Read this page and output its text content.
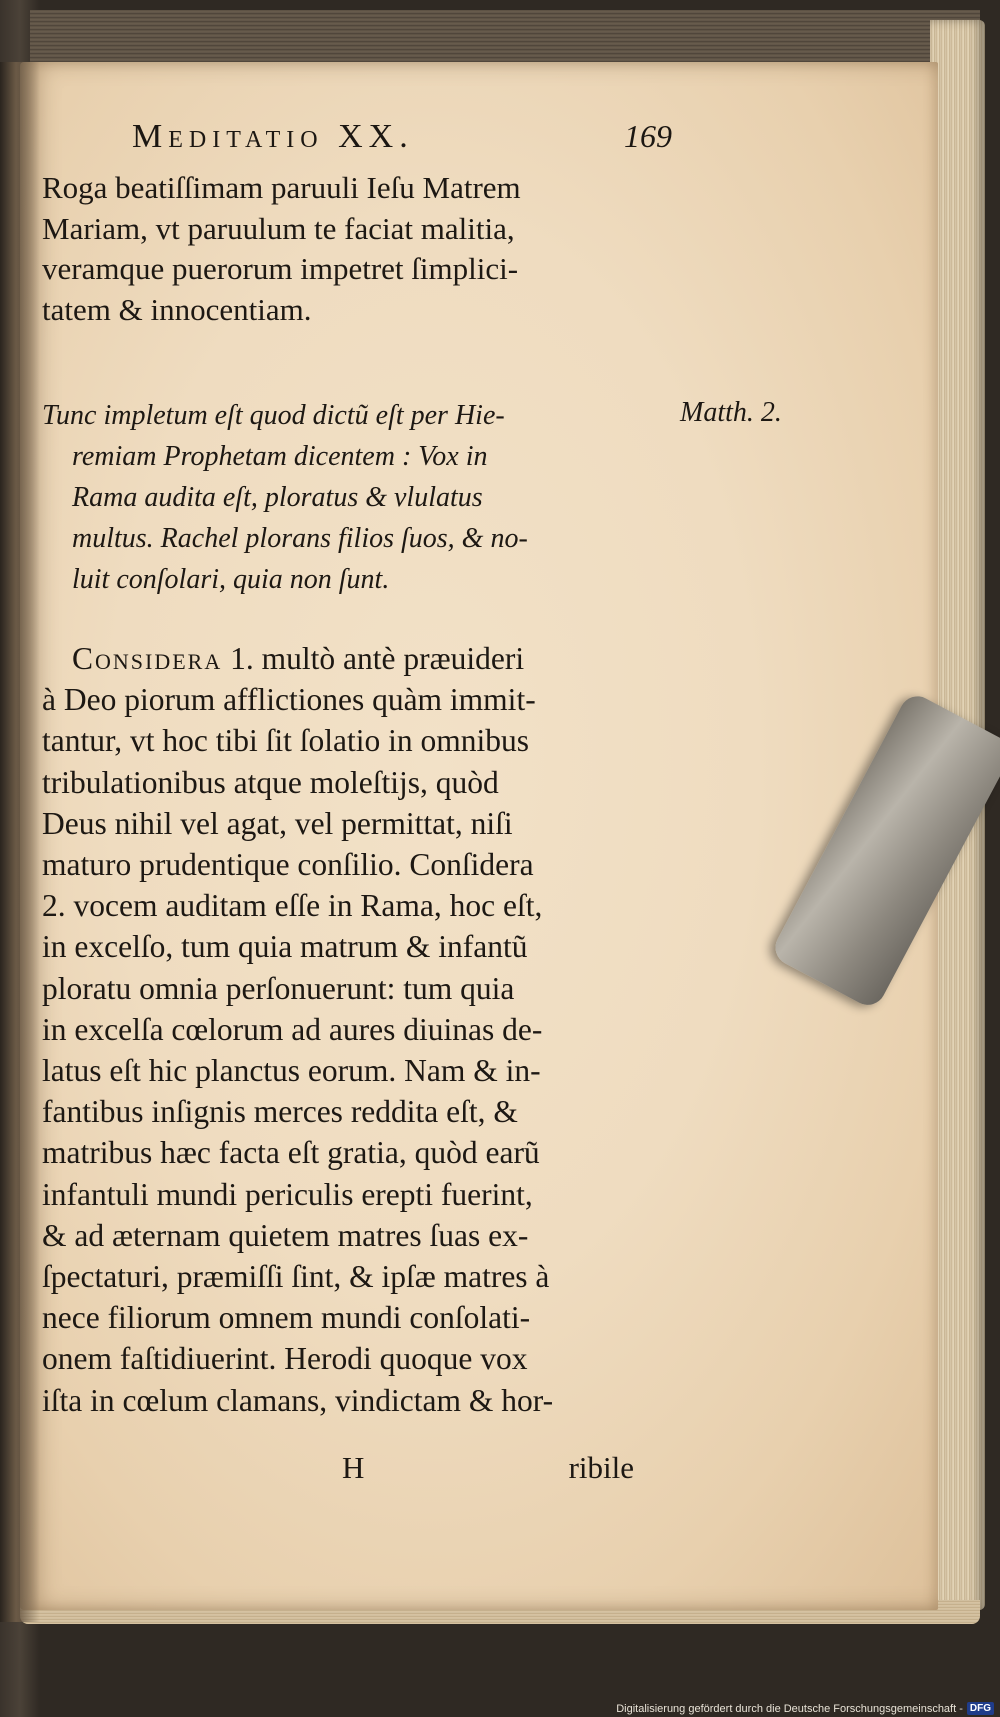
Meditatio XX.	169
Roga beatiſſimam paruuli Ieſu Matrem
Mariam, vt paruulum te faciat malitia,
veramque puerorum impetret ſimplici-
tatem & innocentiam.
Tunc impletum eſt quod dictũ eſt per Hie-
remiam Prophetam dicentem : Vox in
Rama audita eſt, ploratus & vlulatus
multus. Rachel plorans filios ſuos, & no-
luit conſolari, quia non ſunt.
Matth. 2.
Considera 1. multò antè præuideri
à Deo piorum afflictiones quàm immit-
tantur, vt hoc tibi ſit ſolatio in omnibus
tribulationibus atque moleſtijs, quòd
Deus nihil vel agat, vel permittat, niſi
maturo prudentique conſilio. Conſidera
2. vocem auditam eſſe in Rama, hoc eſt,
in excelſo, tum quia matrum & infantũ
ploratu omnia perſonuerunt: tum quia
in excelſa cœlorum ad aures diuinas de-
latus eſt hic planctus eorum. Nam & in-
fantibus inſignis merces reddita eſt, &
matribus hæc facta eſt gratia, quòd earũ
infantuli mundi periculis erepti fuerint,
& ad æternam quietem matres ſuas ex-
ſpectaturi, præmiſſi ſint, & ipſæ matres à
nece filiorum omnem mundi conſolati-
onem faſtidiuerint. Herodi quoque vox
iſta in cœlum clamans, vindictam & hor-
H	ribile
Digitalisierung gefördert durch die Deutsche Forschungsgemeinschaft - DFG
